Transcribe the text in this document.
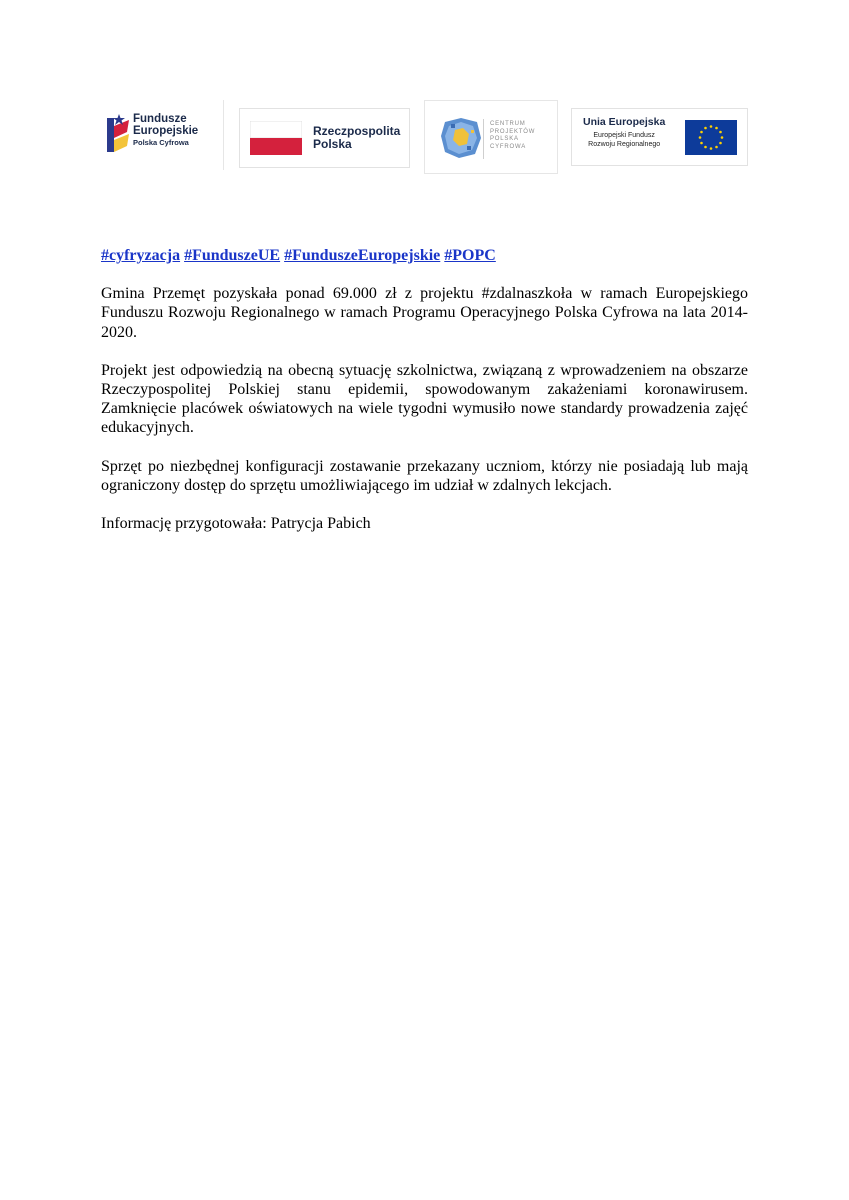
Fundusze
Europejskie
Polska Cyfrowa
Rzeczpospolita
Polska
CENTRUM
PROJEKTÓW
POLSKA
CYFROWA
Unia Europejska
Europejski Fundusz
Rozwoju Regionalnego
#cyfryzacja #FunduszeUE #FunduszeEuropejskie #POPC

Gmina Przemęt pozyskała ponad 69.000 zł z projektu #zdalnaszkoła w ramach Europejskiego Funduszu Rozwoju Regionalnego w ramach Programu Operacyjnego Polska Cyfrowa na lata 2014-2020.

Projekt jest odpowiedzią na obecną sytuację szkolnictwa, związaną z wprowadzeniem na obszarze Rzeczypospolitej Polskiej stanu epidemii, spowodowanym zakażeniami koronawirusem. Zamknięcie placówek oświatowych na wiele tygodni wymusiło nowe standardy prowadzenia zajęć edukacyjnych.

Sprzęt po niezbędnej konfiguracji zostawanie przekazany uczniom, którzy nie posiadają lub mają ograniczony dostęp do sprzętu umożliwiającego im udział w zdalnych lekcjach.

Informację przygotowała: Patrycja Pabich
